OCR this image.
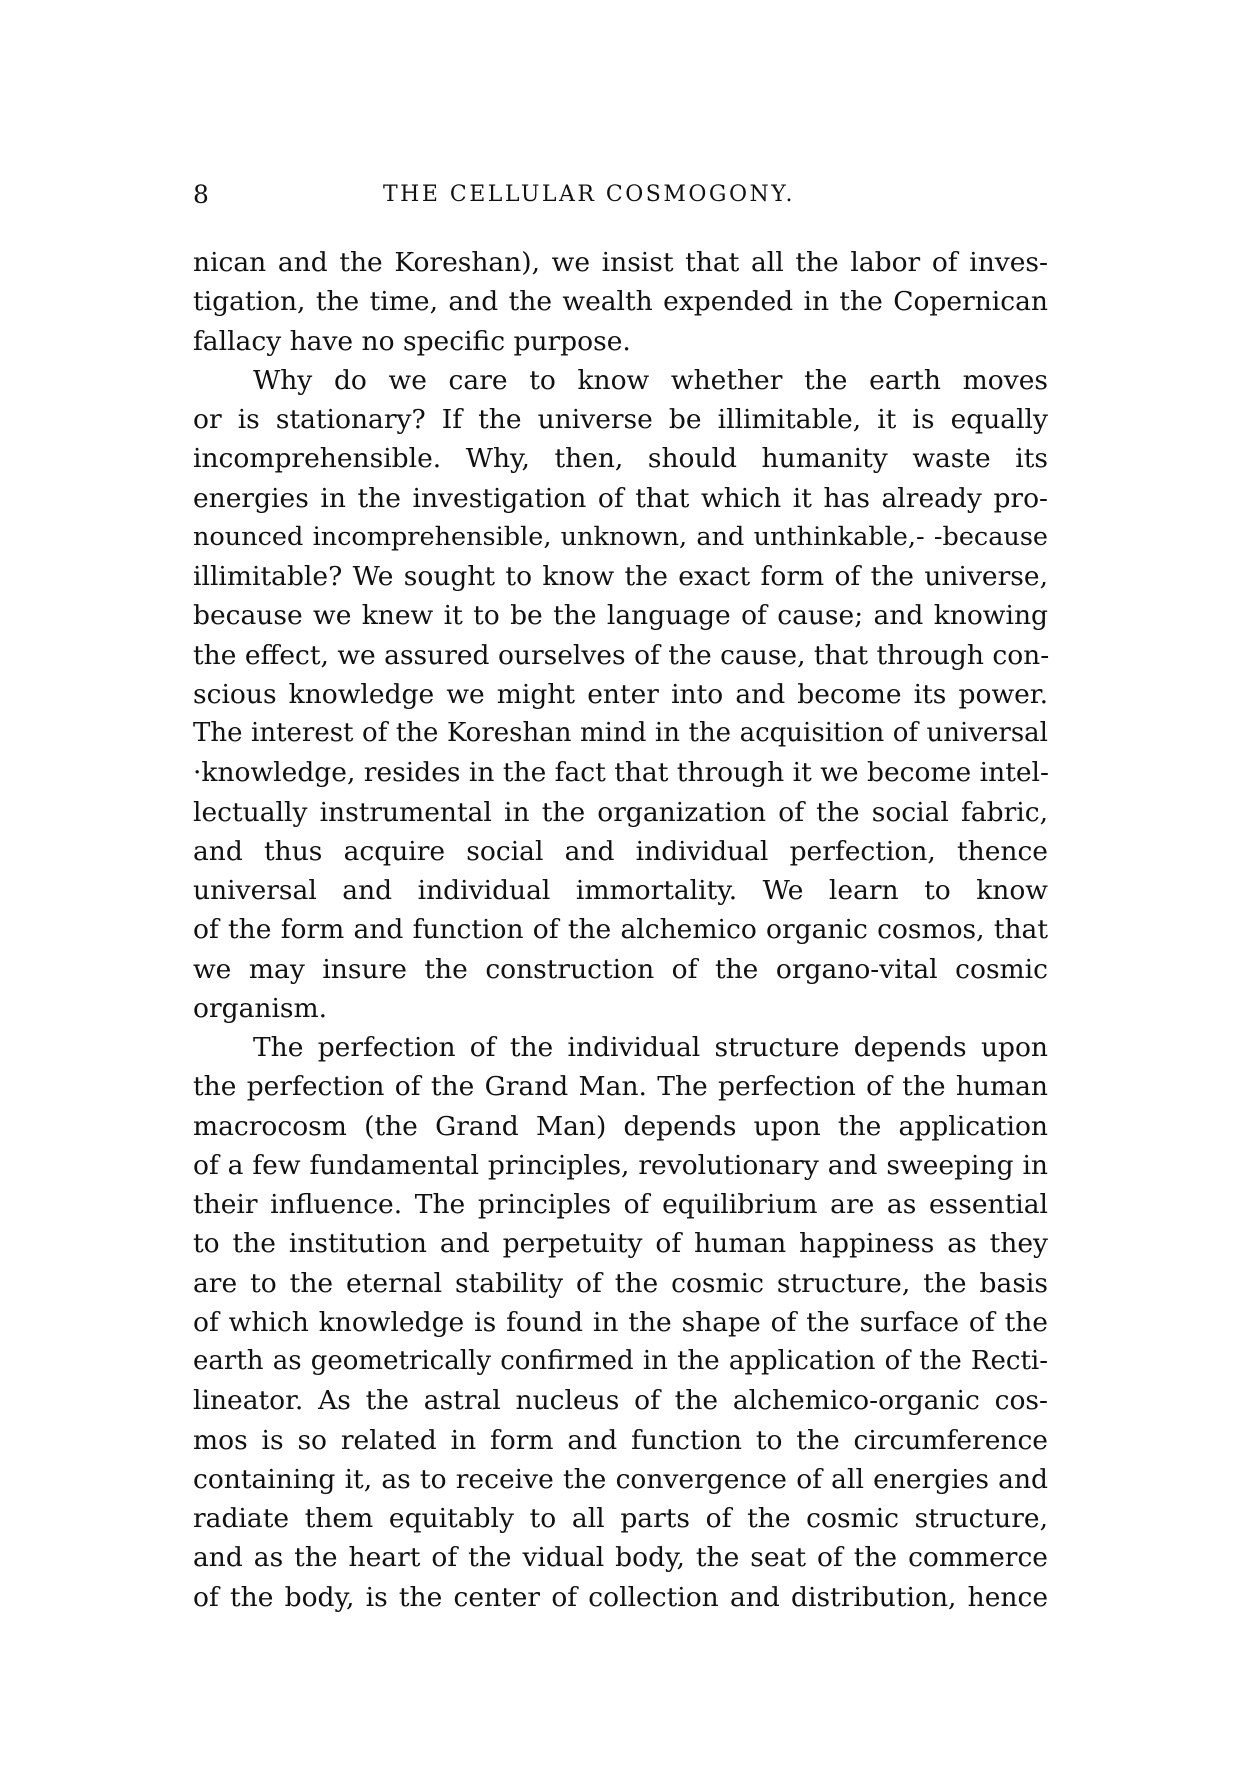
8	THE CELLULAR COSMOGONY.
nican and the Koreshan), we insist that all the labor of inves-
tigation, the time, and the wealth expended in the Copernican
fallacy have no specific purpose.
Why do we care to know whether the earth moves
or is stationary? If the universe be illimitable, it is equally
incomprehensible. Why, then, should humanity waste its
energies in the investigation of that which it has already pro-
nounced incomprehensible, unknown, and unthinkable,- -because
illimitable? We sought to know the exact form of the universe,
because we knew it to be the language of cause; and knowing
the effect, we assured ourselves of the cause, that through con-
scious knowledge we might enter into and become its power.
The interest of the Koreshan mind in the acquisition of universal
·knowledge, resides in the fact that through it we become intel-
lectually instrumental in the organization of the social fabric,
and thus acquire social and individual perfection, thence
universal and individual immortality. We learn to know
of the form and function of the alchemico organic cosmos, that
we may insure the construction of the organo-vital cosmic
organism.
The perfection of the individual structure depends upon
the perfection of the Grand Man. The perfection of the human
macrocosm (the Grand Man) depends upon the application
of a few fundamental principles, revolutionary and sweeping in
their influence. The principles of equilibrium are as essential
to the institution and perpetuity of human happiness as they
are to the eternal stability of the cosmic structure, the basis
of which knowledge is found in the shape of the surface of the
earth as geometrically confirmed in the application of the Recti-
lineator. As the astral nucleus of the alchemico-organic cos-
mos is so related in form and function to the circumference
containing it, as to receive the convergence of all energies and
radiate them equitably to all parts of the cosmic structure,
and as the heart of the vidual body, the seat of the commerce
of the body, is the center of collection and distribution, hence
